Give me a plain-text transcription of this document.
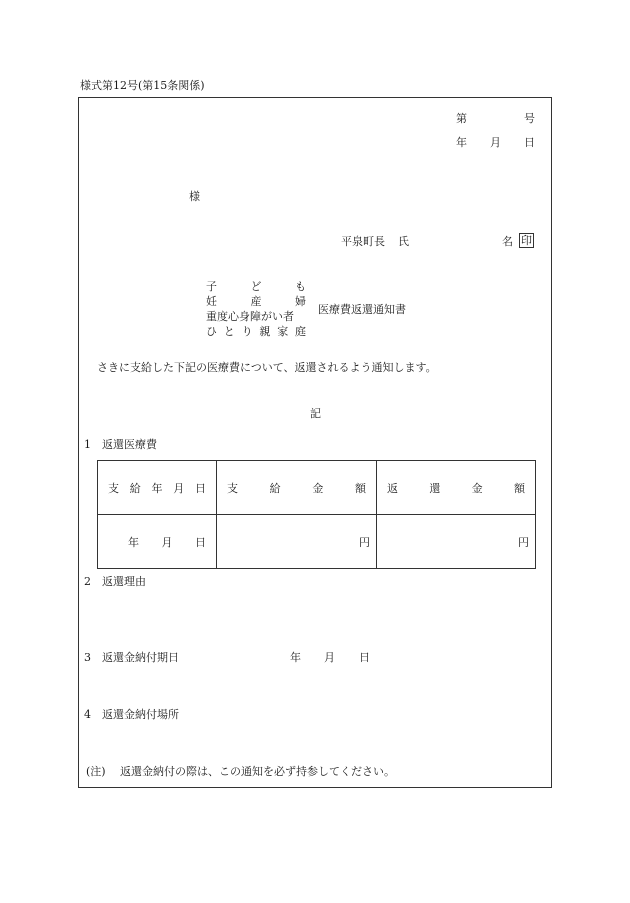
様式第12号(第15条関係)
第	号
年 月 日
様
平泉町長 氏	名 印
子	ど	も
妊	産	婦
重度心身障がい者
ひ と り 親 家 庭
医療費返還通知書
さきに支給した下記の医療費について、返還されるよう通知します。
記
1 返還医療費
支 給 年 月 日	支 給 金 額	返 還 金 額

年 月 日	円	円
2 返還理由
3 返還金納付期日	年 月 日
4 返還金納付場所
(注) 返還金納付の際は、この通知を必ず持参してください。
